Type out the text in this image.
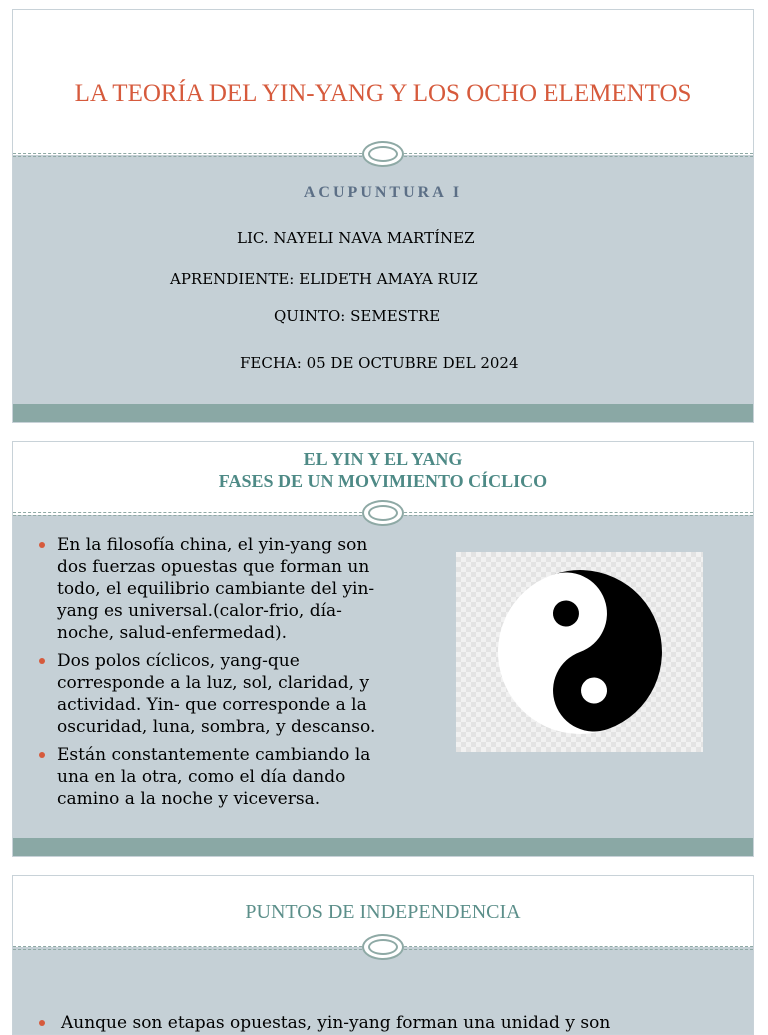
LA TEORÍA DEL YIN-YANG Y LOS OCHO ELEMENTOS
ACUPUNTURA I
LIC. NAYELI NAVA MARTÍNEZ
APRENDIENTE: ELIDETH AMAYA RUIZ
QUINTO: SEMESTRE
FECHA: 05 DE OCTUBRE DEL 2024
EL YIN Y EL YANG
FASES DE UN MOVIMIENTO CÍCLICO
En la filosofía china, el yin-yang son dos fuerzas opuestas que forman un todo, el equilibrio cambiante del yin-yang es universal.(calor-frio, día-noche, salud-enfermedad).
Dos polos cíclicos, yang-que corresponde a la luz, sol, claridad, y actividad. Yin- que corresponde a la oscuridad, luna, sombra, y descanso.
Están constantemente cambiando la una en la otra, como el día dando camino a la noche y viceversa.
PUNTOS DE INDEPENDENCIA
Aunque son etapas opuestas, yin-yang forman una unidad y son
